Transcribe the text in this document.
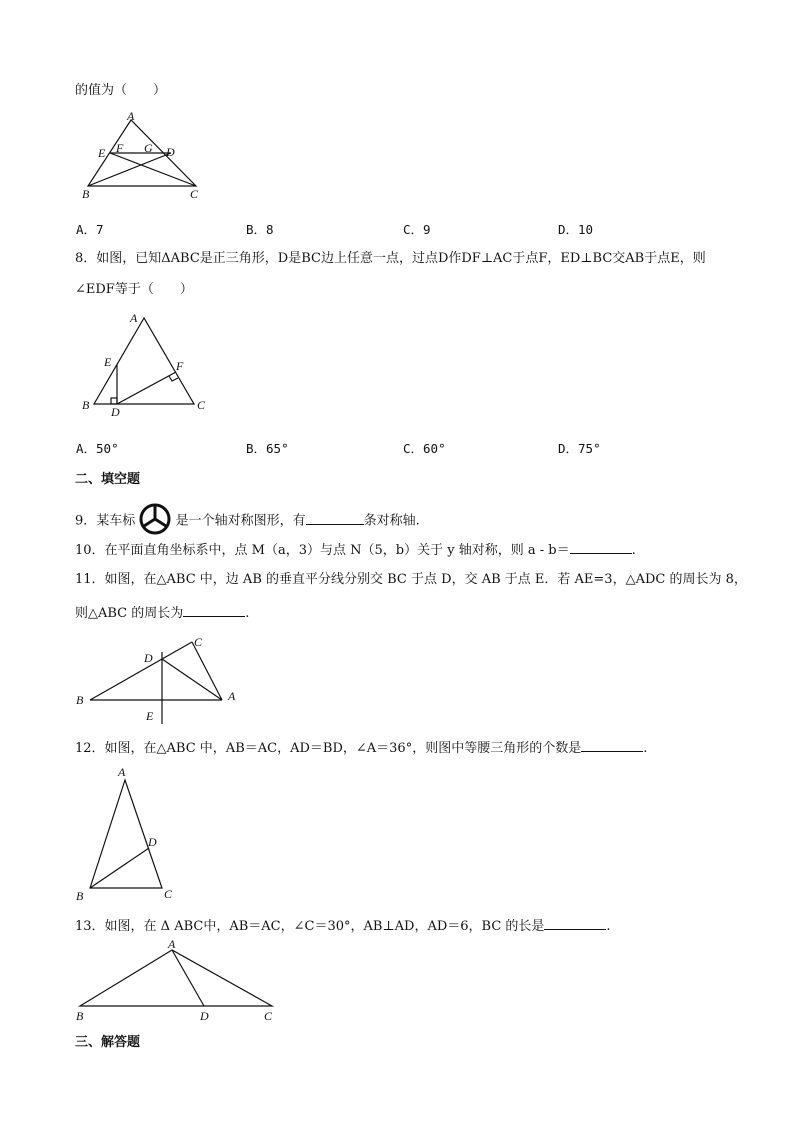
的值为（　　）
A
E F G D
B	C
A．7	B．8	C．9	D．10
8．如图，已知ΔABC是正三角形，D是BC边上任意一点，过点D作DF⊥AC于点F，ED⊥BC交AB于点E，则
∠EDF等于（　　）
A
E	F
B D	C
A．50°	B．65°	C．60°	D．75°
二、填空题
9．某车标	是一个轴对称图形，有	条对称轴.
10．在平面直角坐标系中，点 M（a，3）与点 N（5，b）关于 y 轴对称，则 a - b＝	.
11．如图，在△ABC 中，边 AB 的垂直平分线分别交 BC 于点 D，交 AB 于点 E．若 AE=3，△ADC 的周长为 8，
则△ABC 的周长为	.
C
D
B	A
E
12．如图，在△ABC 中，AB＝AC，AD＝BD，∠A＝36°，则图中等腰三角形的个数是	.
A
D
B	C
13．如图，在 Δ ABC中，AB＝AC，∠C＝30°，AB⊥AD，AD＝6，BC 的长是	.
A
B	D	C
三、解答题
